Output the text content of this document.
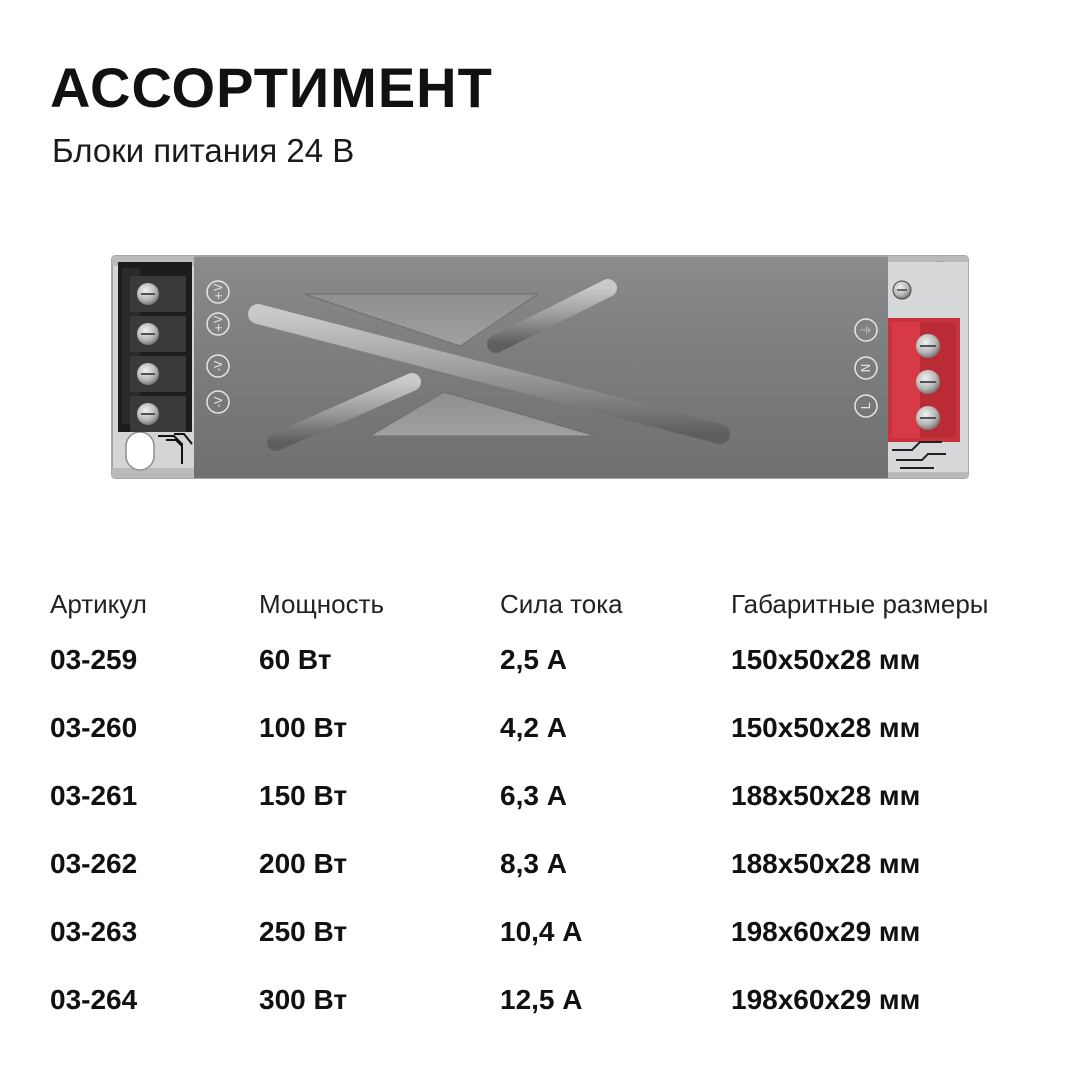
АССОРТИМЕНТ
Блоки питания 24 В
+V
+V
-V
-V
⏚
N
L
Артикул	Мощность	Сила тока	Габаритные размеры
03-259	60 Вт	2,5 А	150х50х28 мм
03-260	100 Вт	4,2 А	150х50х28 мм
03-261	150 Вт	6,3 А	188х50х28 мм
03-262	200 Вт	8,3 А	188х50х28 мм
03-263	250 Вт	10,4 А	198х60х29 мм
03-264	300 Вт	12,5 А	198х60х29 мм
